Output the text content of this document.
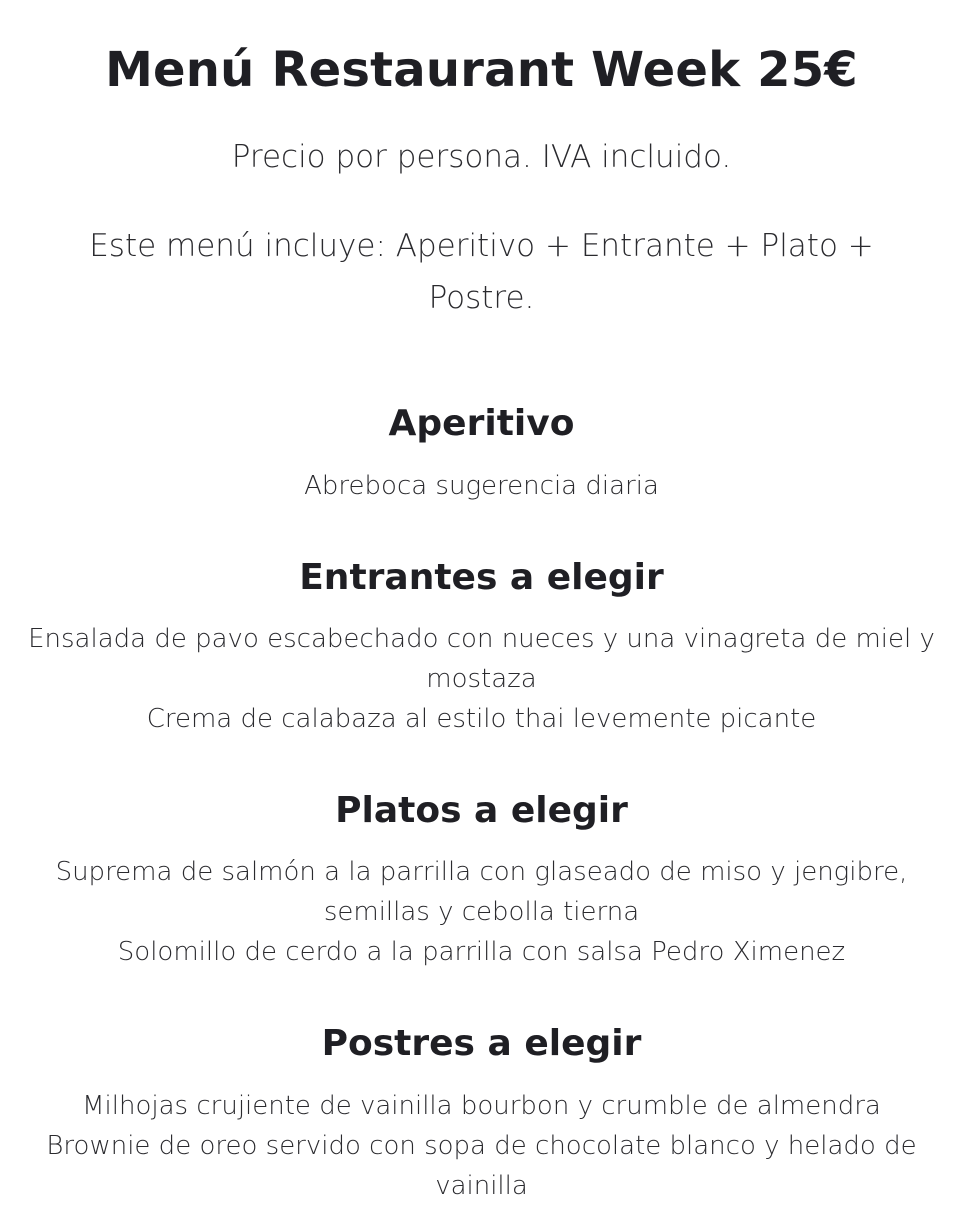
Menú Restaurant Week 25€

Precio por persona. IVA incluido.

Este menú incluye: Aperitivo + Entrante + Plato + Postre.

Aperitivo
Abreboca sugerencia diaria
Entrantes a elegir
Ensalada de pavo escabechado con nueces y una vinagreta de miel y mostaza
Crema de calabaza al estilo thai levemente picante
Platos a elegir
Suprema de salmón a la parrilla con glaseado de miso y jengibre, semillas y cebolla tierna
Solomillo de cerdo a la parrilla con salsa Pedro Ximenez
Postres a elegir
Milhojas crujiente de vainilla bourbon y crumble de almendra
Brownie de oreo servido con sopa de chocolate blanco y helado de vainilla
